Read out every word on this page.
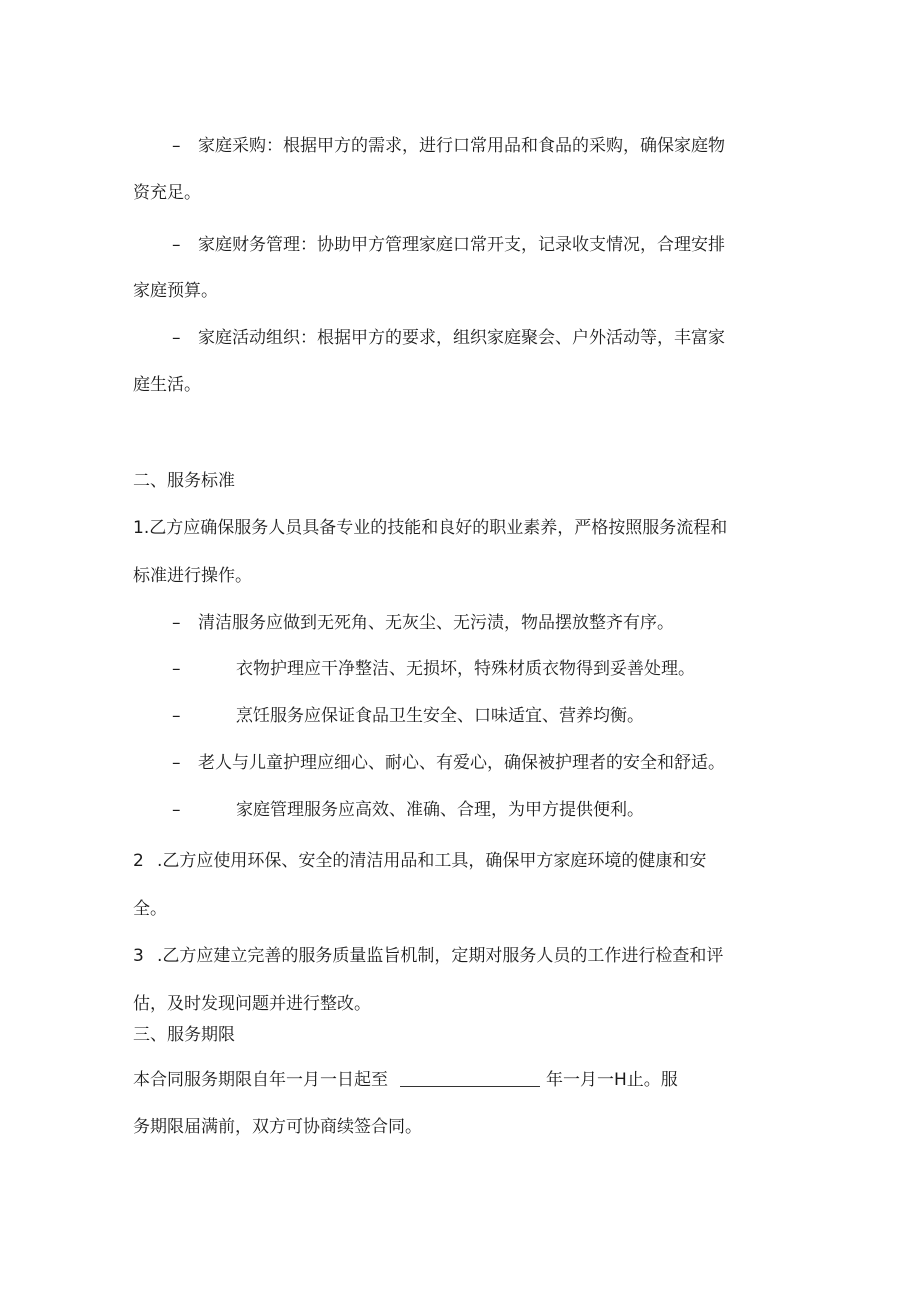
– 家庭采购：根据甲方的需求，进行口常用品和食品的采购，确保家庭物
资充足。
– 家庭财务管理：协助甲方管理家庭口常开支，记录收支情况，合理安排
家庭预算。
– 家庭活动组织：根据甲方的要求，组织家庭聚会、户外活动等，丰富家
庭生活。
二、服务标准
1.乙方应确保服务人员具备专业的技能和良好的职业素养，严格按照服务流程和
标准进行操作。
– 清洁服务应做到无死角、无灰尘、无污渍，物品摆放整齐有序。
–	衣物护理应干净整洁、无损坏，特殊材质衣物得到妥善处理。
–	烹饪服务应保证食品卫生安全、口味适宜、营养均衡。
– 老人与儿童护理应细心、耐心、有爱心，确保被护理者的安全和舒适。
–	家庭管理服务应高效、准确、合理，为甲方提供便利。
2 .乙方应使用环保、安全的清洁用品和工具，确保甲方家庭环境的健康和安
全。
3 .乙方应建立完善的服务质量监旨机制，定期对服务人员的工作进行检查和评
估，及时发现问题并进行整改。
三、服务期限
本合同服务期限自年一月一日起至	年一月一H止。服
务期限届满前，双方可协商续签合同。
